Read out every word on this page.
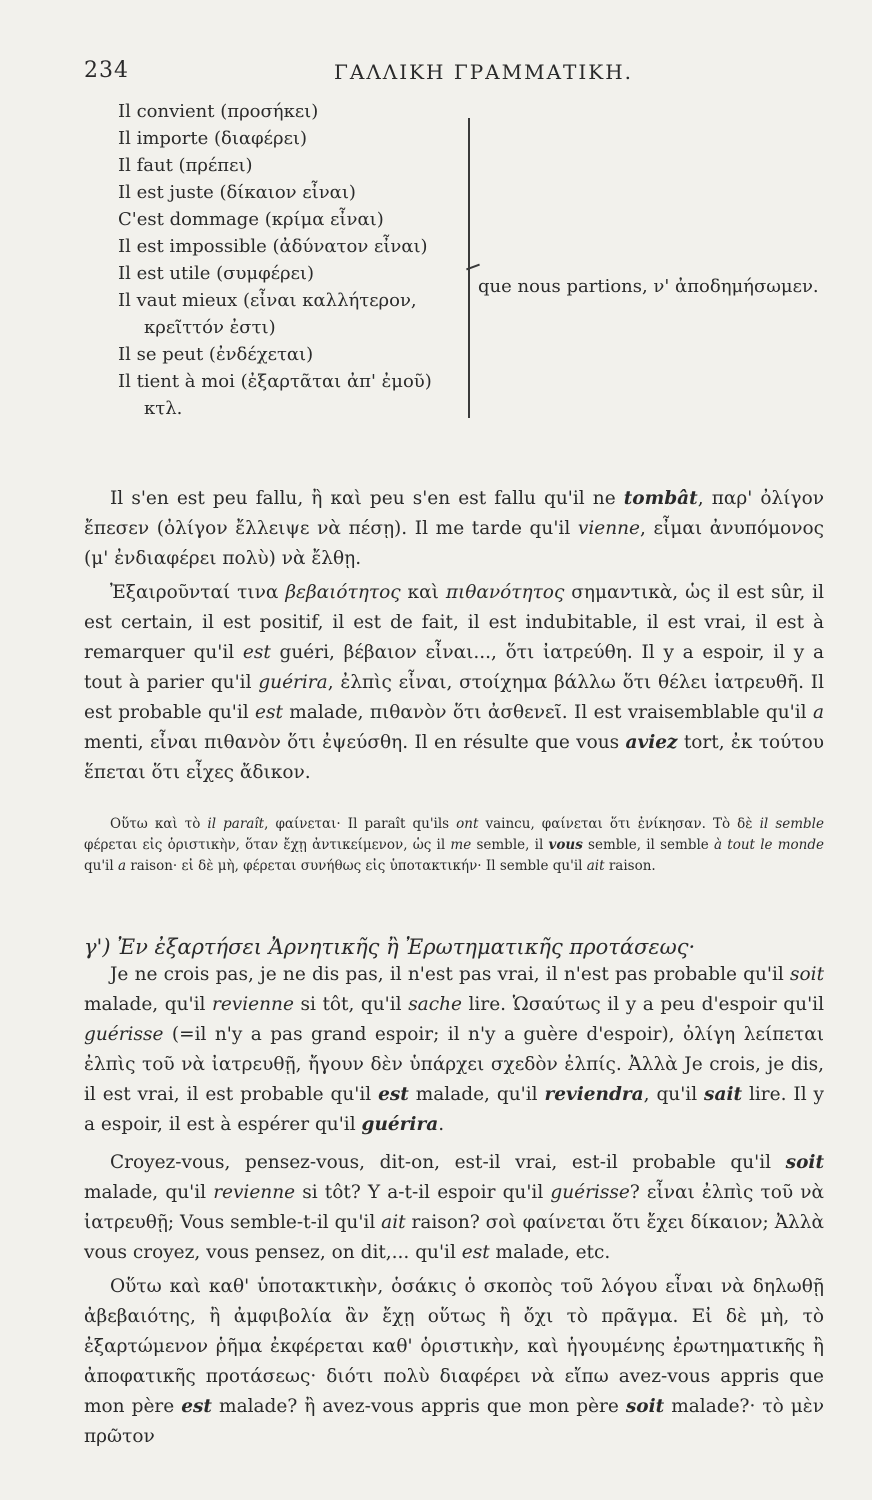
234	ΓΑΛΛΙΚΗ ΓΡΑΜΜΑΤΙΚΗ.
Il convient (προσήκει)
Il importe (διαφέρει)
Il faut (πρέπει)
Il est juste (δίκαιον εἶναι)
C'est dommage (κρίμα εἶναι)
Il est impossible (ἀδύνατον εἶναι)
Il est utile (συμφέρει)
Il vaut mieux (εἶναι καλλήτερον,
κρεῖττόν ἐστι)
Il se peut (ἐνδέχεται)
Il tient à moi (ἐξαρτᾶται ἀπ' ἐμοῦ)
κτλ.
que nous partions, ν' ἀποδημήσωμεν.

Il s'en est peu fallu, ἢ καὶ peu s'en est fallu qu'il ne tombât, παρ' ὀλίγον ἔπεσεν (ὀλίγον ἔλλειψε νὰ πέσῃ). Il me tarde qu'il vienne, εἶμαι ἀνυπόμονος (μ' ἐνδιαφέρει πολὺ) νὰ ἔλθῃ.

Ἐξαιροῦνταί τινα βεβαιότητος καὶ πιθανότητος σημαντικὰ, ὡς il est sûr, il est certain, il est positif, il est de fait, il est indubitable, il est vrai, il est à remarquer qu'il est guéri, βέβαιον εἶναι..., ὅτι ἰατρεύθη. Il y a espoir, il y a tout à parier qu'il guérira, ἐλπὶς εἶναι, στοίχημα βάλλω ὅτι θέλει ἰατρευθῆ. Il est probable qu'il est malade, πιθανὸν ὅτι ἀσθενεῖ. Il est vraisemblable qu'il a menti, εἶναι πιθανὸν ὅτι ἐψεύσθη. Il en résulte que vous aviez tort, ἐκ τούτου ἕπεται ὅτι εἶχες ἄδικον.

Οὕτω καὶ τὸ il paraît, φαίνεται· Il paraît qu'ils ont vaincu, φαίνεται ὅτι ἐνίκησαν. Τὸ δὲ il semble φέρεται εἰς ὁριστικὴν, ὅταν ἔχῃ ἀντικείμενον, ὡς il me semble, il vous semble, il semble à tout le monde qu'il a raison· εἰ δὲ μὴ, φέρεται συνήθως εἰς ὑποτακτικήν· Il semble qu'il ait raison.

γ') Ἐν ἐξαρτήσει Ἀρνητικῆς ἢ Ἐρωτηματικῆς προτάσεως·

Je ne crois pas, je ne dis pas, il n'est pas vrai, il n'est pas probable qu'il soit malade, qu'il revienne si tôt, qu'il sache lire. Ὡσαύτως il y a peu d'espoir qu'il guérisse (=il n'y a pas grand espoir; il n'y a guère d'espoir), ὀλίγη λείπεται ἐλπὶς τοῦ νὰ ἰατρευθῇ, ἤγουν δὲν ὑπάρχει σχεδὸν ἐλπίς. Ἀλλὰ Je crois, je dis, il est vrai, il est probable qu'il est malade, qu'il reviendra, qu'il sait lire. Il y a espoir, il est à espérer qu'il guérira.

Croyez-vous, pensez-vous, dit-on, est-il vrai, est-il probable qu'il soit malade, qu'il revienne si tôt? Y a-t-il espoir qu'il guérisse? εἶναι ἐλπὶς τοῦ νὰ ἰατρευθῇ; Vous semble-t-il qu'il ait raison? σοὶ φαίνεται ὅτι ἔχει δίκαιον; Ἀλλὰ vous croyez, vous pensez, on dit,... qu'il est malade, etc.

Οὕτω καὶ καθ' ὑποτακτικὴν, ὁσάκις ὁ σκοπὸς τοῦ λόγου εἶναι νὰ δηλωθῇ ἀβεβαιότης, ἢ ἀμφιβολία ἂν ἔχῃ οὕτως ἢ ὄχι τὸ πρᾶγμα. Εἰ δὲ μὴ, τὸ ἐξαρτώμενον ῥῆμα ἐκφέρεται καθ' ὁριστικὴν, καὶ ἡγουμένης ἐρωτηματικῆς ἢ ἀποφατικῆς προτάσεως· διότι πολὺ διαφέρει νὰ εἴπω avez-vous appris que mon père est malade? ἢ avez-vous appris que mon père soit malade?· τὸ μὲν πρῶτον
